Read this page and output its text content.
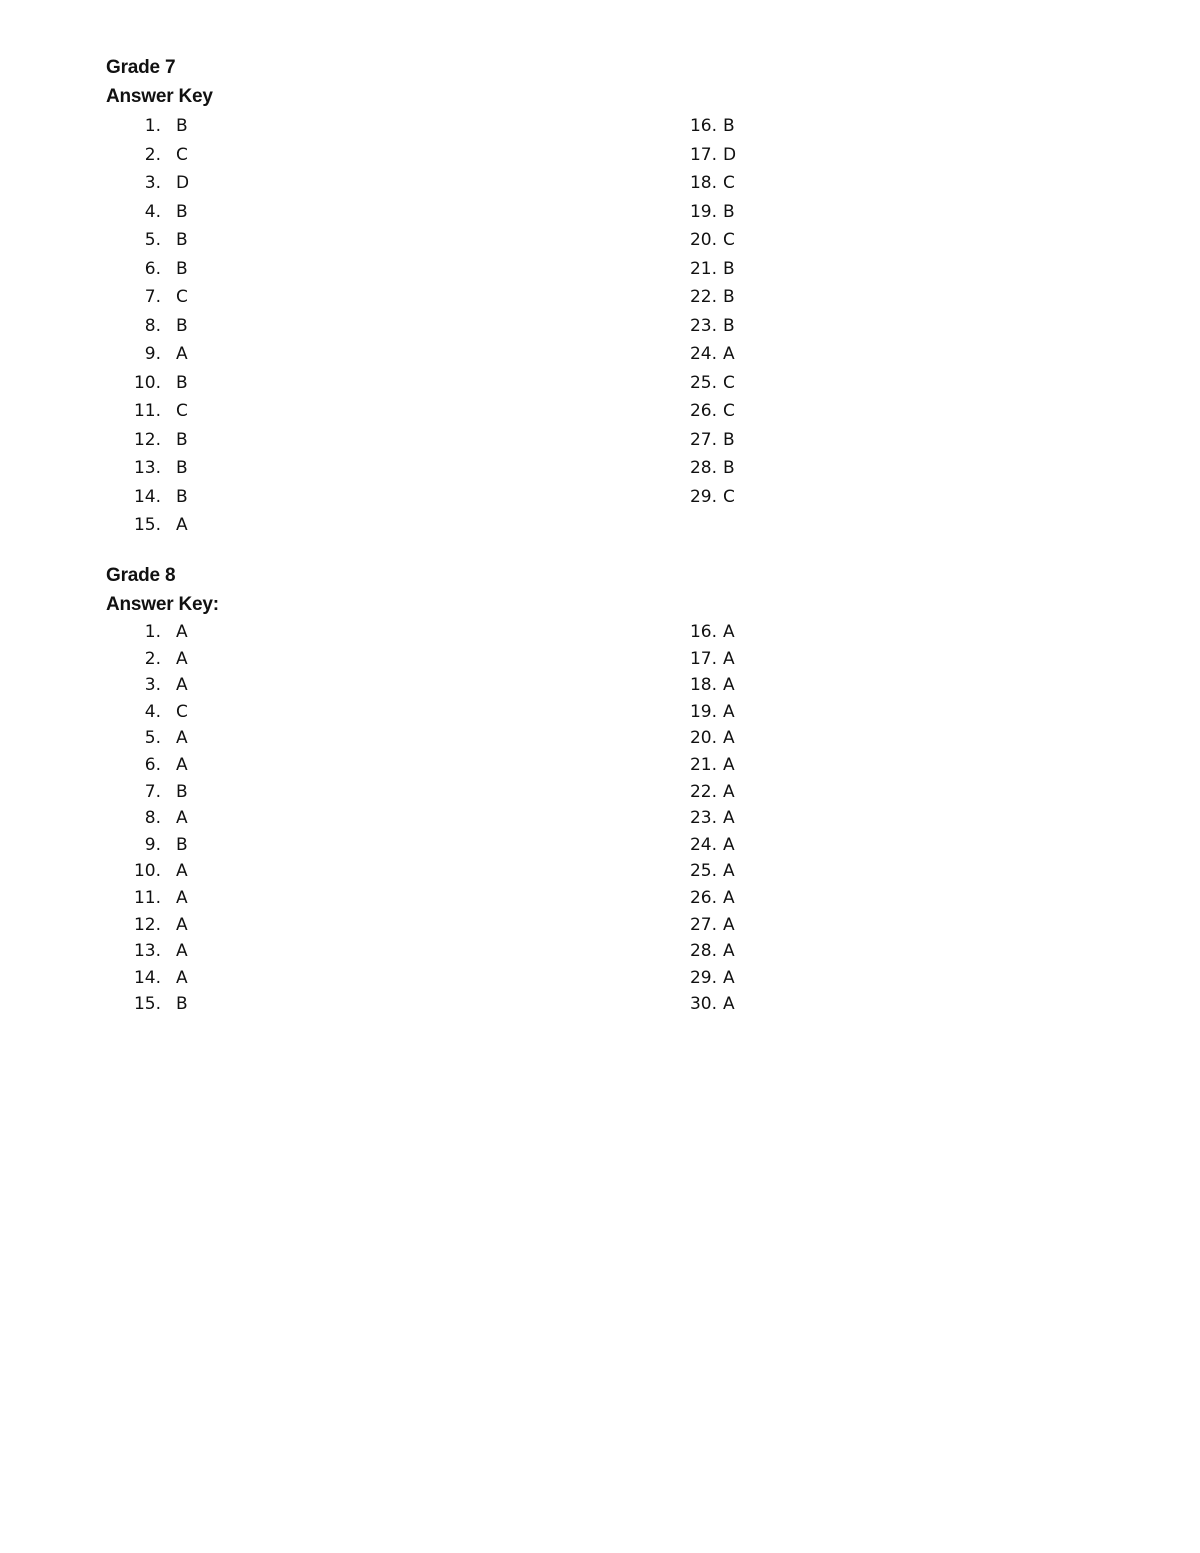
Grade 7
Answer Key
1. B
2. C
3. D
4. B
5. B
6. B
7. C
8. B
9. A
10. B
11. C
12. B
13. B
14. B
15. A
16. B
17. D
18. C
19. B
20. C
21. B
22. B
23. B
24. A
25. C
26. C
27. B
28. B
29. C
Grade 8
Answer Key:
1. A
2. A
3. A
4. C
5. A
6. A
7. B
8. A
9. B
10. A
11. A
12. A
13. A
14. A
15. B
16. A
17. A
18. A
19. A
20. A
21. A
22. A
23. A
24. A
25. A
26. A
27. A
28. A
29. A
30. A
